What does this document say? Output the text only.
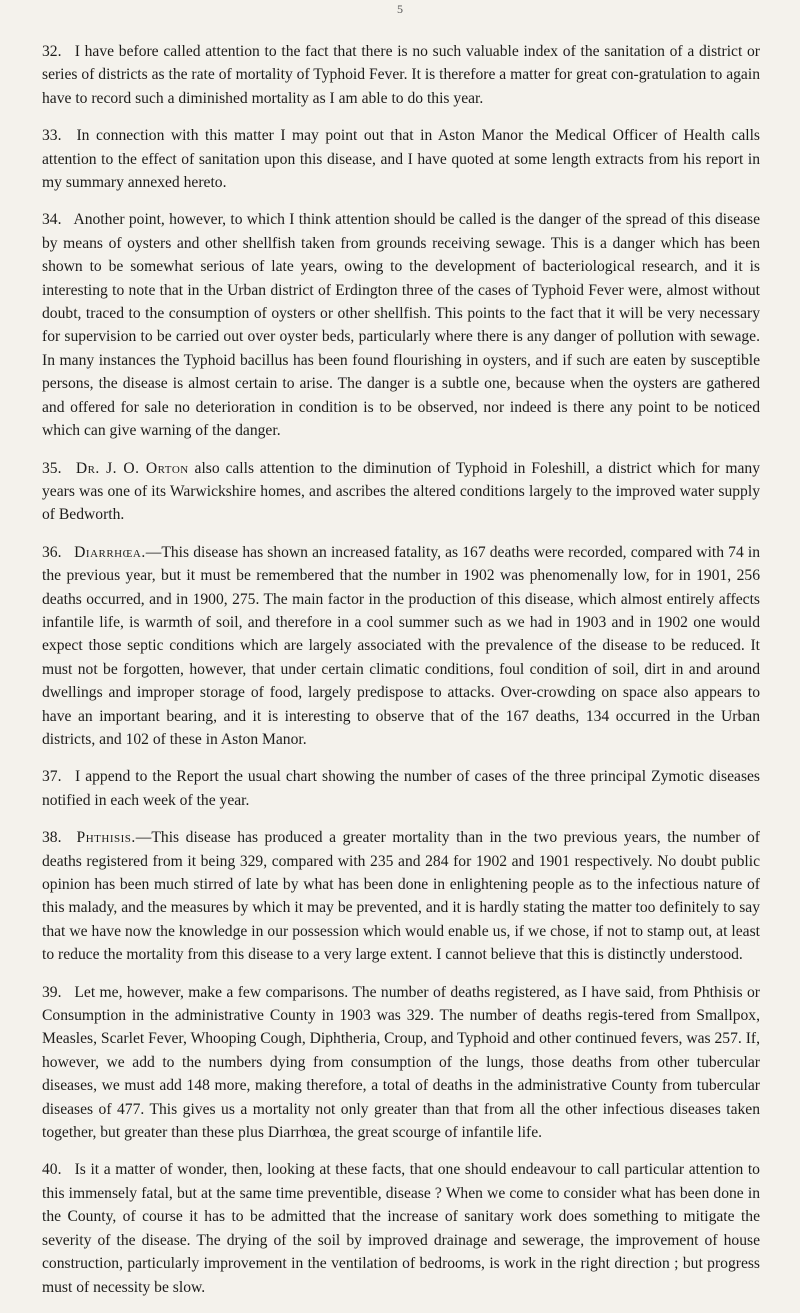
5

32. I have before called attention to the fact that there is no such valuable index of the sanitation of a district or series of districts as the rate of mortality of Typhoid Fever. It is therefore a matter for great con-gratulation to again have to record such a diminished mortality as I am able to do this year.

33. In connection with this matter I may point out that in Aston Manor the Medical Officer of Health calls attention to the effect of sanitation upon this disease, and I have quoted at some length extracts from his report in my summary annexed hereto.

34. Another point, however, to which I think attention should be called is the danger of the spread of this disease by means of oysters and other shellfish taken from grounds receiving sewage. This is a danger which has been shown to be somewhat serious of late years, owing to the development of bacteriological research, and it is interesting to note that in the Urban district of Erdington three of the cases of Typhoid Fever were, almost without doubt, traced to the consumption of oysters or other shellfish. This points to the fact that it will be very necessary for supervision to be carried out over oyster beds, particularly where there is any danger of pollution with sewage. In many instances the Typhoid bacillus has been found flourishing in oysters, and if such are eaten by susceptible persons, the disease is almost certain to arise. The danger is a subtle one, because when the oysters are gathered and offered for sale no deterioration in condition is to be observed, nor indeed is there any point to be noticed which can give warning of the danger.

35. Dr. J. O. Orton also calls attention to the diminution of Typhoid in Foleshill, a district which for many years was one of its Warwickshire homes, and ascribes the altered conditions largely to the improved water supply of Bedworth.

36. Diarrhœa.—This disease has shown an increased fatality, as 167 deaths were recorded, compared with 74 in the previous year, but it must be remembered that the number in 1902 was phenomenally low, for in 1901, 256 deaths occurred, and in 1900, 275. The main factor in the production of this disease, which almost entirely affects infantile life, is warmth of soil, and therefore in a cool summer such as we had in 1903 and in 1902 one would expect those septic conditions which are largely associated with the prevalence of the disease to be reduced. It must not be forgotten, however, that under certain climatic conditions, foul condition of soil, dirt in and around dwellings and improper storage of food, largely predispose to attacks. Over-crowding on space also appears to have an important bearing, and it is interesting to observe that of the 167 deaths, 134 occurred in the Urban districts, and 102 of these in Aston Manor.

37. I append to the Report the usual chart showing the number of cases of the three principal Zymotic diseases notified in each week of the year.

38. Phthisis.—This disease has produced a greater mortality than in the two previous years, the number of deaths registered from it being 329, compared with 235 and 284 for 1902 and 1901 respectively. No doubt public opinion has been much stirred of late by what has been done in enlightening people as to the infectious nature of this malady, and the measures by which it may be prevented, and it is hardly stating the matter too definitely to say that we have now the knowledge in our possession which would enable us, if we chose, if not to stamp out, at least to reduce the mortality from this disease to a very large extent. I cannot believe that this is distinctly understood.

39. Let me, however, make a few comparisons. The number of deaths registered, as I have said, from Phthisis or Consumption in the administrative County in 1903 was 329. The number of deaths regis-tered from Smallpox, Measles, Scarlet Fever, Whooping Cough, Diphtheria, Croup, and Typhoid and other continued fevers, was 257. If, however, we add to the numbers dying from consumption of the lungs, those deaths from other tubercular diseases, we must add 148 more, making therefore, a total of deaths in the administrative County from tubercular diseases of 477. This gives us a mortality not only greater than that from all the other infectious diseases taken together, but greater than these plus Diarrhœa, the great scourge of infantile life.

40. Is it a matter of wonder, then, looking at these facts, that one should endeavour to call particular attention to this immensely fatal, but at the same time preventible, disease ? When we come to consider what has been done in the County, of course it has to be admitted that the increase of sanitary work does something to mitigate the severity of the disease. The drying of the soil by improved drainage and sewerage, the improvement of house construction, particularly improvement in the ventilation of bedrooms, is work in the right direction ; but progress must of necessity be slow.
